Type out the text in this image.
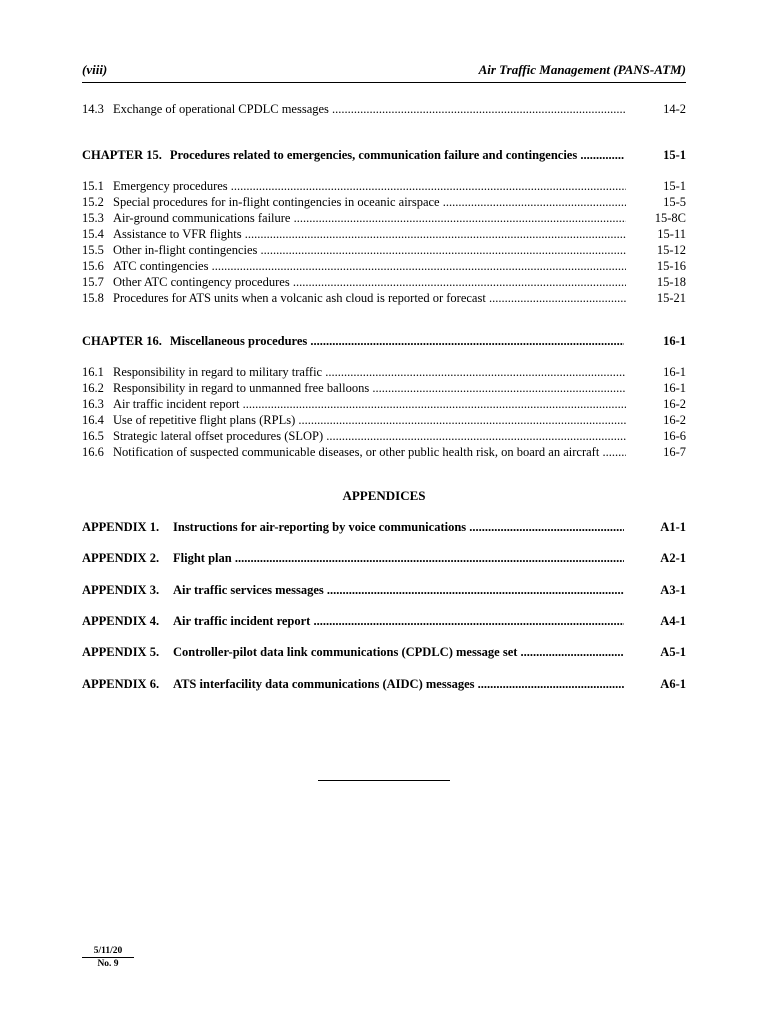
(viii)	Air Traffic Management (PANS-ATM)
14.3 Exchange of operational CPDLC messages .....	14-2
CHAPTER 15. Procedures related to emergencies, communication failure and contingencies .....	15-1
15.1 Emergency procedures .....	15-1
15.2 Special procedures for in-flight contingencies in oceanic airspace .....	15-5
15.3 Air-ground communications failure .....	15-8C
15.4 Assistance to VFR flights .....	15-11
15.5 Other in-flight contingencies .....	15-12
15.6 ATC contingencies .....	15-16
15.7 Other ATC contingency procedures .....	15-18
15.8 Procedures for ATS units when a volcanic ash cloud is reported or forecast .....	15-21
CHAPTER 16. Miscellaneous procedures .....	16-1
16.1 Responsibility in regard to military traffic .....	16-1
16.2 Responsibility in regard to unmanned free balloons .....	16-1
16.3 Air traffic incident report .....	16-2
16.4 Use of repetitive flight plans (RPLs) .....	16-2
16.5 Strategic lateral offset procedures (SLOP) .....	16-6
16.6 Notification of suspected communicable diseases, or other public health risk, on board an aircraft .....	16-7
APPENDICES
APPENDIX 1. Instructions for air-reporting by voice communications .....	A1-1
APPENDIX 2. Flight plan .....	A2-1
APPENDIX 3. Air traffic services messages .....	A3-1
APPENDIX 4. Air traffic incident report .....	A4-1
APPENDIX 5. Controller-pilot data link communications (CPDLC) message set .....	A5-1
APPENDIX 6. ATS interfacility data communications (AIDC) messages .....	A6-1
5/11/20
No. 9
